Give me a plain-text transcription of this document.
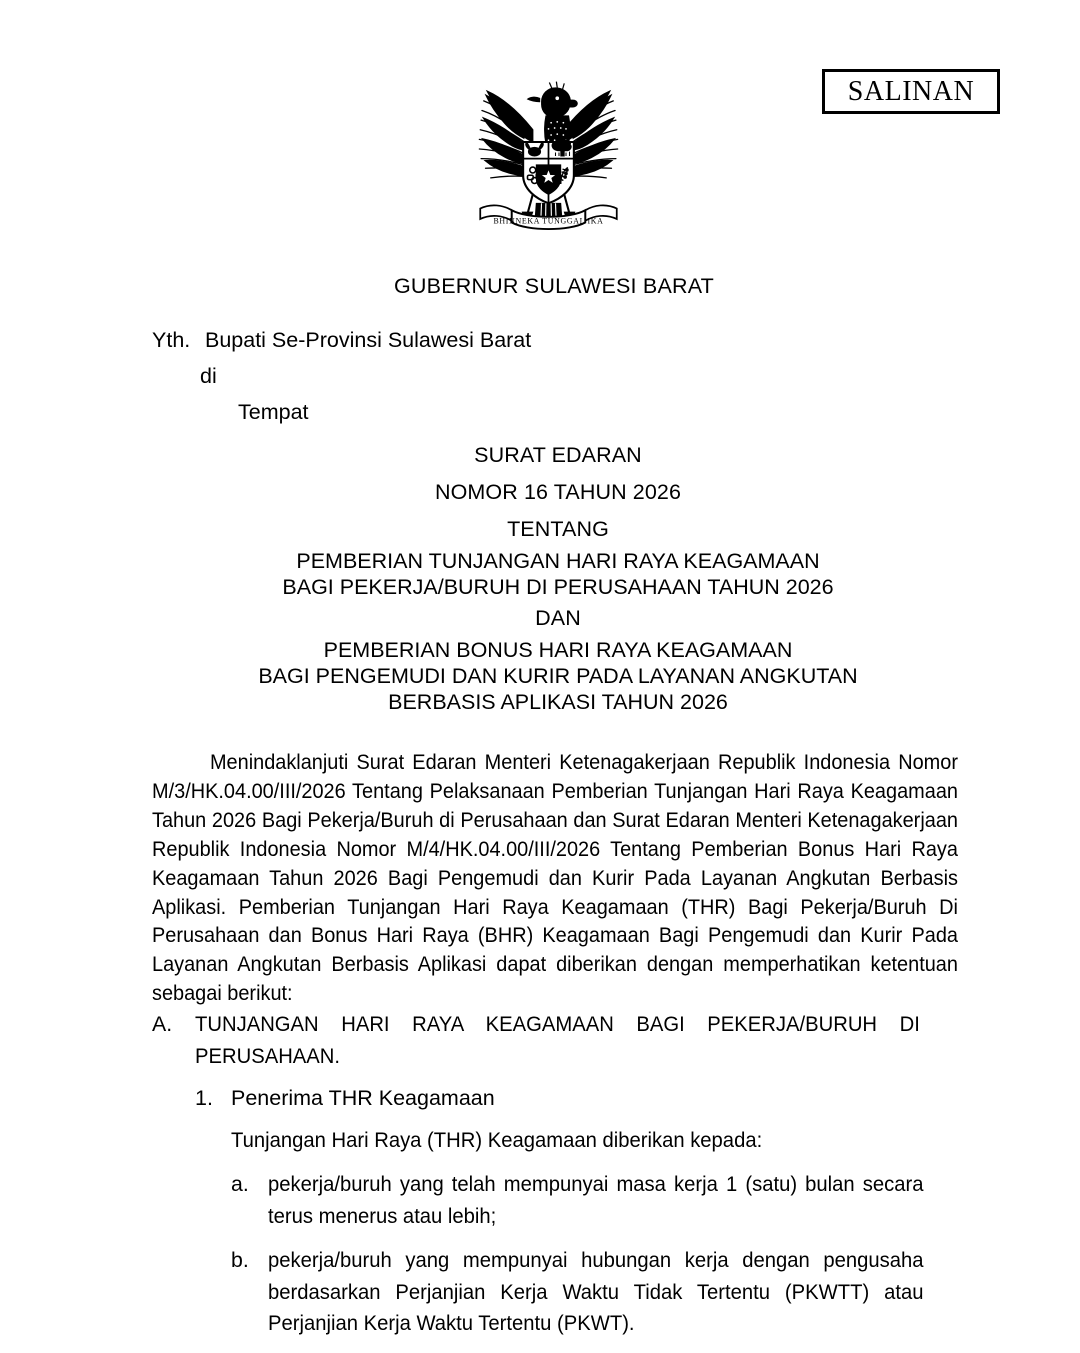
SALINAN
BHINNEKA TUNGGAL IKA
GUBERNUR SULAWESI BARAT
Yth. Bupati Se-Provinsi Sulawesi Barat
di
Tempat
SURAT EDARAN
NOMOR 16 TAHUN 2026
TENTANG
PEMBERIAN TUNJANGAN HARI RAYA KEAGAMAAN
BAGI PEKERJA/BURUH DI PERUSAHAAN TAHUN 2026
DAN
PEMBERIAN BONUS HARI RAYA KEAGAMAAN
BAGI PENGEMUDI DAN KURIR PADA LAYANAN ANGKUTAN
BERBASIS APLIKASI TAHUN 2026
Menindaklanjuti Surat Edaran Menteri Ketenagakerjaan Republik Indonesia Nomor M/3/HK.04.00/III/2026 Tentang Pelaksanaan Pemberian Tunjangan Hari Raya Keagamaan Tahun 2026 Bagi Pekerja/Buruh di Perusahaan dan Surat Edaran Menteri Ketenagakerjaan Republik Indonesia Nomor M/4/HK.04.00/III/2026 Tentang Pemberian Bonus Hari Raya Keagamaan Tahun 2026 Bagi Pengemudi dan Kurir Pada Layanan Angkutan Berbasis Aplikasi. Pemberian Tunjangan Hari Raya Keagamaan (THR) Bagi Pekerja/Buruh Di Perusahaan dan Bonus Hari Raya (BHR) Keagamaan Bagi Pengemudi dan Kurir Pada Layanan Angkutan Berbasis Aplikasi dapat diberikan dengan memperhatikan ketentuan sebagai berikut:
A.	TUNJANGAN HARI RAYA KEAGAMAAN BAGI PEKERJA/BURUH DI PERUSAHAAN.
1. Penerima THR Keagamaan
Tunjangan Hari Raya (THR) Keagamaan diberikan kepada:
a. pekerja/buruh yang telah mempunyai masa kerja 1 (satu) bulan secara terus menerus atau lebih;
b. pekerja/buruh yang mempunyai hubungan kerja dengan pengusaha berdasarkan Perjanjian Kerja Waktu Tidak Tertentu (PKWTT) atau Perjanjian Kerja Waktu Tertentu (PKWT).
